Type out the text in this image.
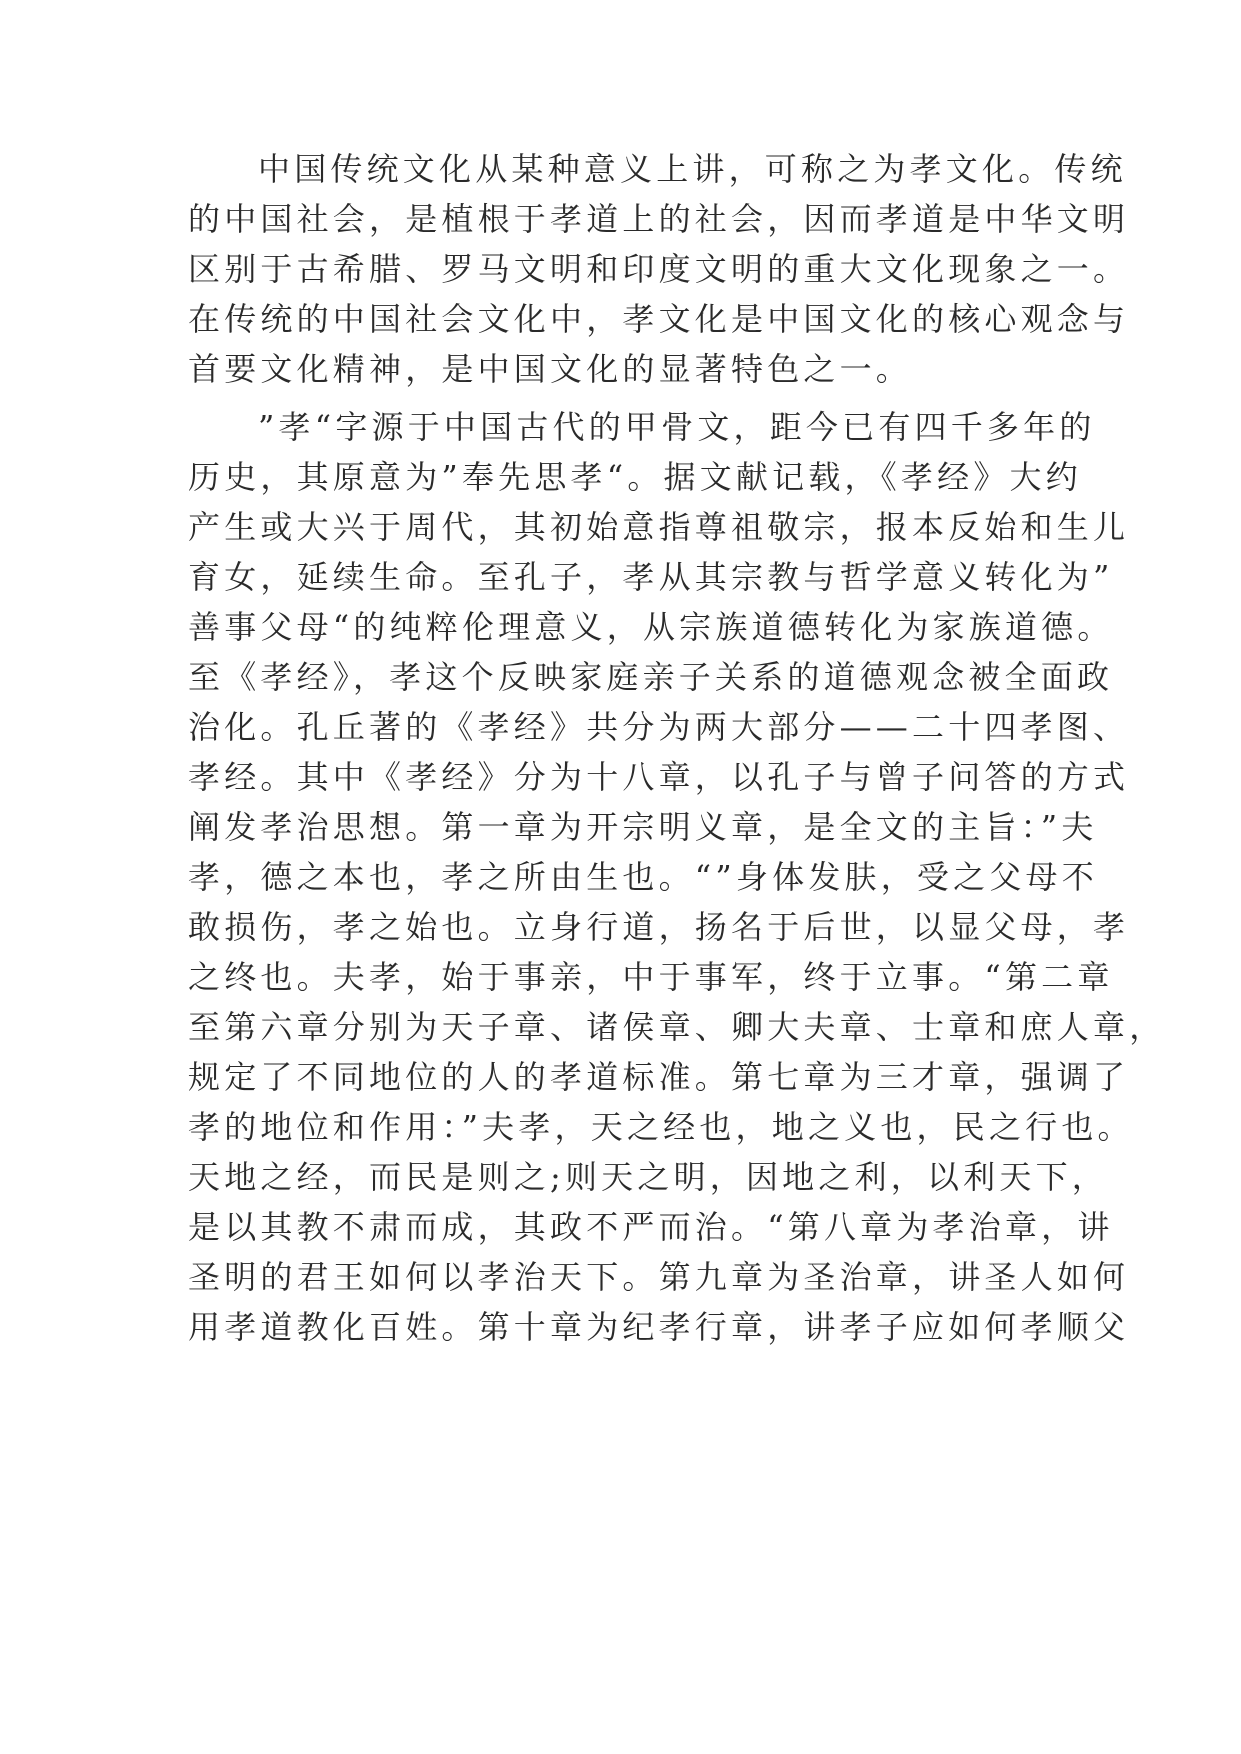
中国传统文化从某种意义上讲，可称之为孝文化。传统
的中国社会，是植根于孝道上的社会，因而孝道是中华文明
区别于古希腊、罗马文明和印度文明的重大文化现象之一。
在传统的中国社会文化中，孝文化是中国文化的核心观念与
首要文化精神，是中国文化的显著特色之一。
”孝“字源于中国古代的甲骨文，距今已有四千多年的
历史，其原意为”奉先思孝“。据文献记载，《孝经》大约
产生或大兴于周代，其初始意指尊祖敬宗，报本反始和生儿
育女，延续生命。至孔子，孝从其宗教与哲学意义转化为”
善事父母“的纯粹伦理意义，从宗族道德转化为家族道德。
至《孝经》，孝这个反映家庭亲子关系的道德观念被全面政
治化。孔丘著的《孝经》共分为两大部分——二十四孝图、
孝经。其中《孝经》分为十八章，以孔子与曾子问答的方式
阐发孝治思想。第一章为开宗明义章，是全文的主旨：”夫
孝，德之本也，孝之所由生也。“”身体发肤，受之父母不
敢损伤，孝之始也。立身行道，扬名于后世，以显父母，孝
之终也。夫孝，始于事亲，中于事军，终于立事。“第二章
至第六章分别为天子章、诸侯章、卿大夫章、士章和庶人章，
规定了不同地位的人的孝道标准。第七章为三才章，强调了
孝的地位和作用：”夫孝，天之经也，地之义也，民之行也。
天地之经，而民是则之;则天之明，因地之利，以利天下，
是以其教不肃而成，其政不严而治。“第八章为孝治章，讲
圣明的君王如何以孝治天下。第九章为圣治章，讲圣人如何
用孝道教化百姓。第十章为纪孝行章，讲孝子应如何孝顺父
